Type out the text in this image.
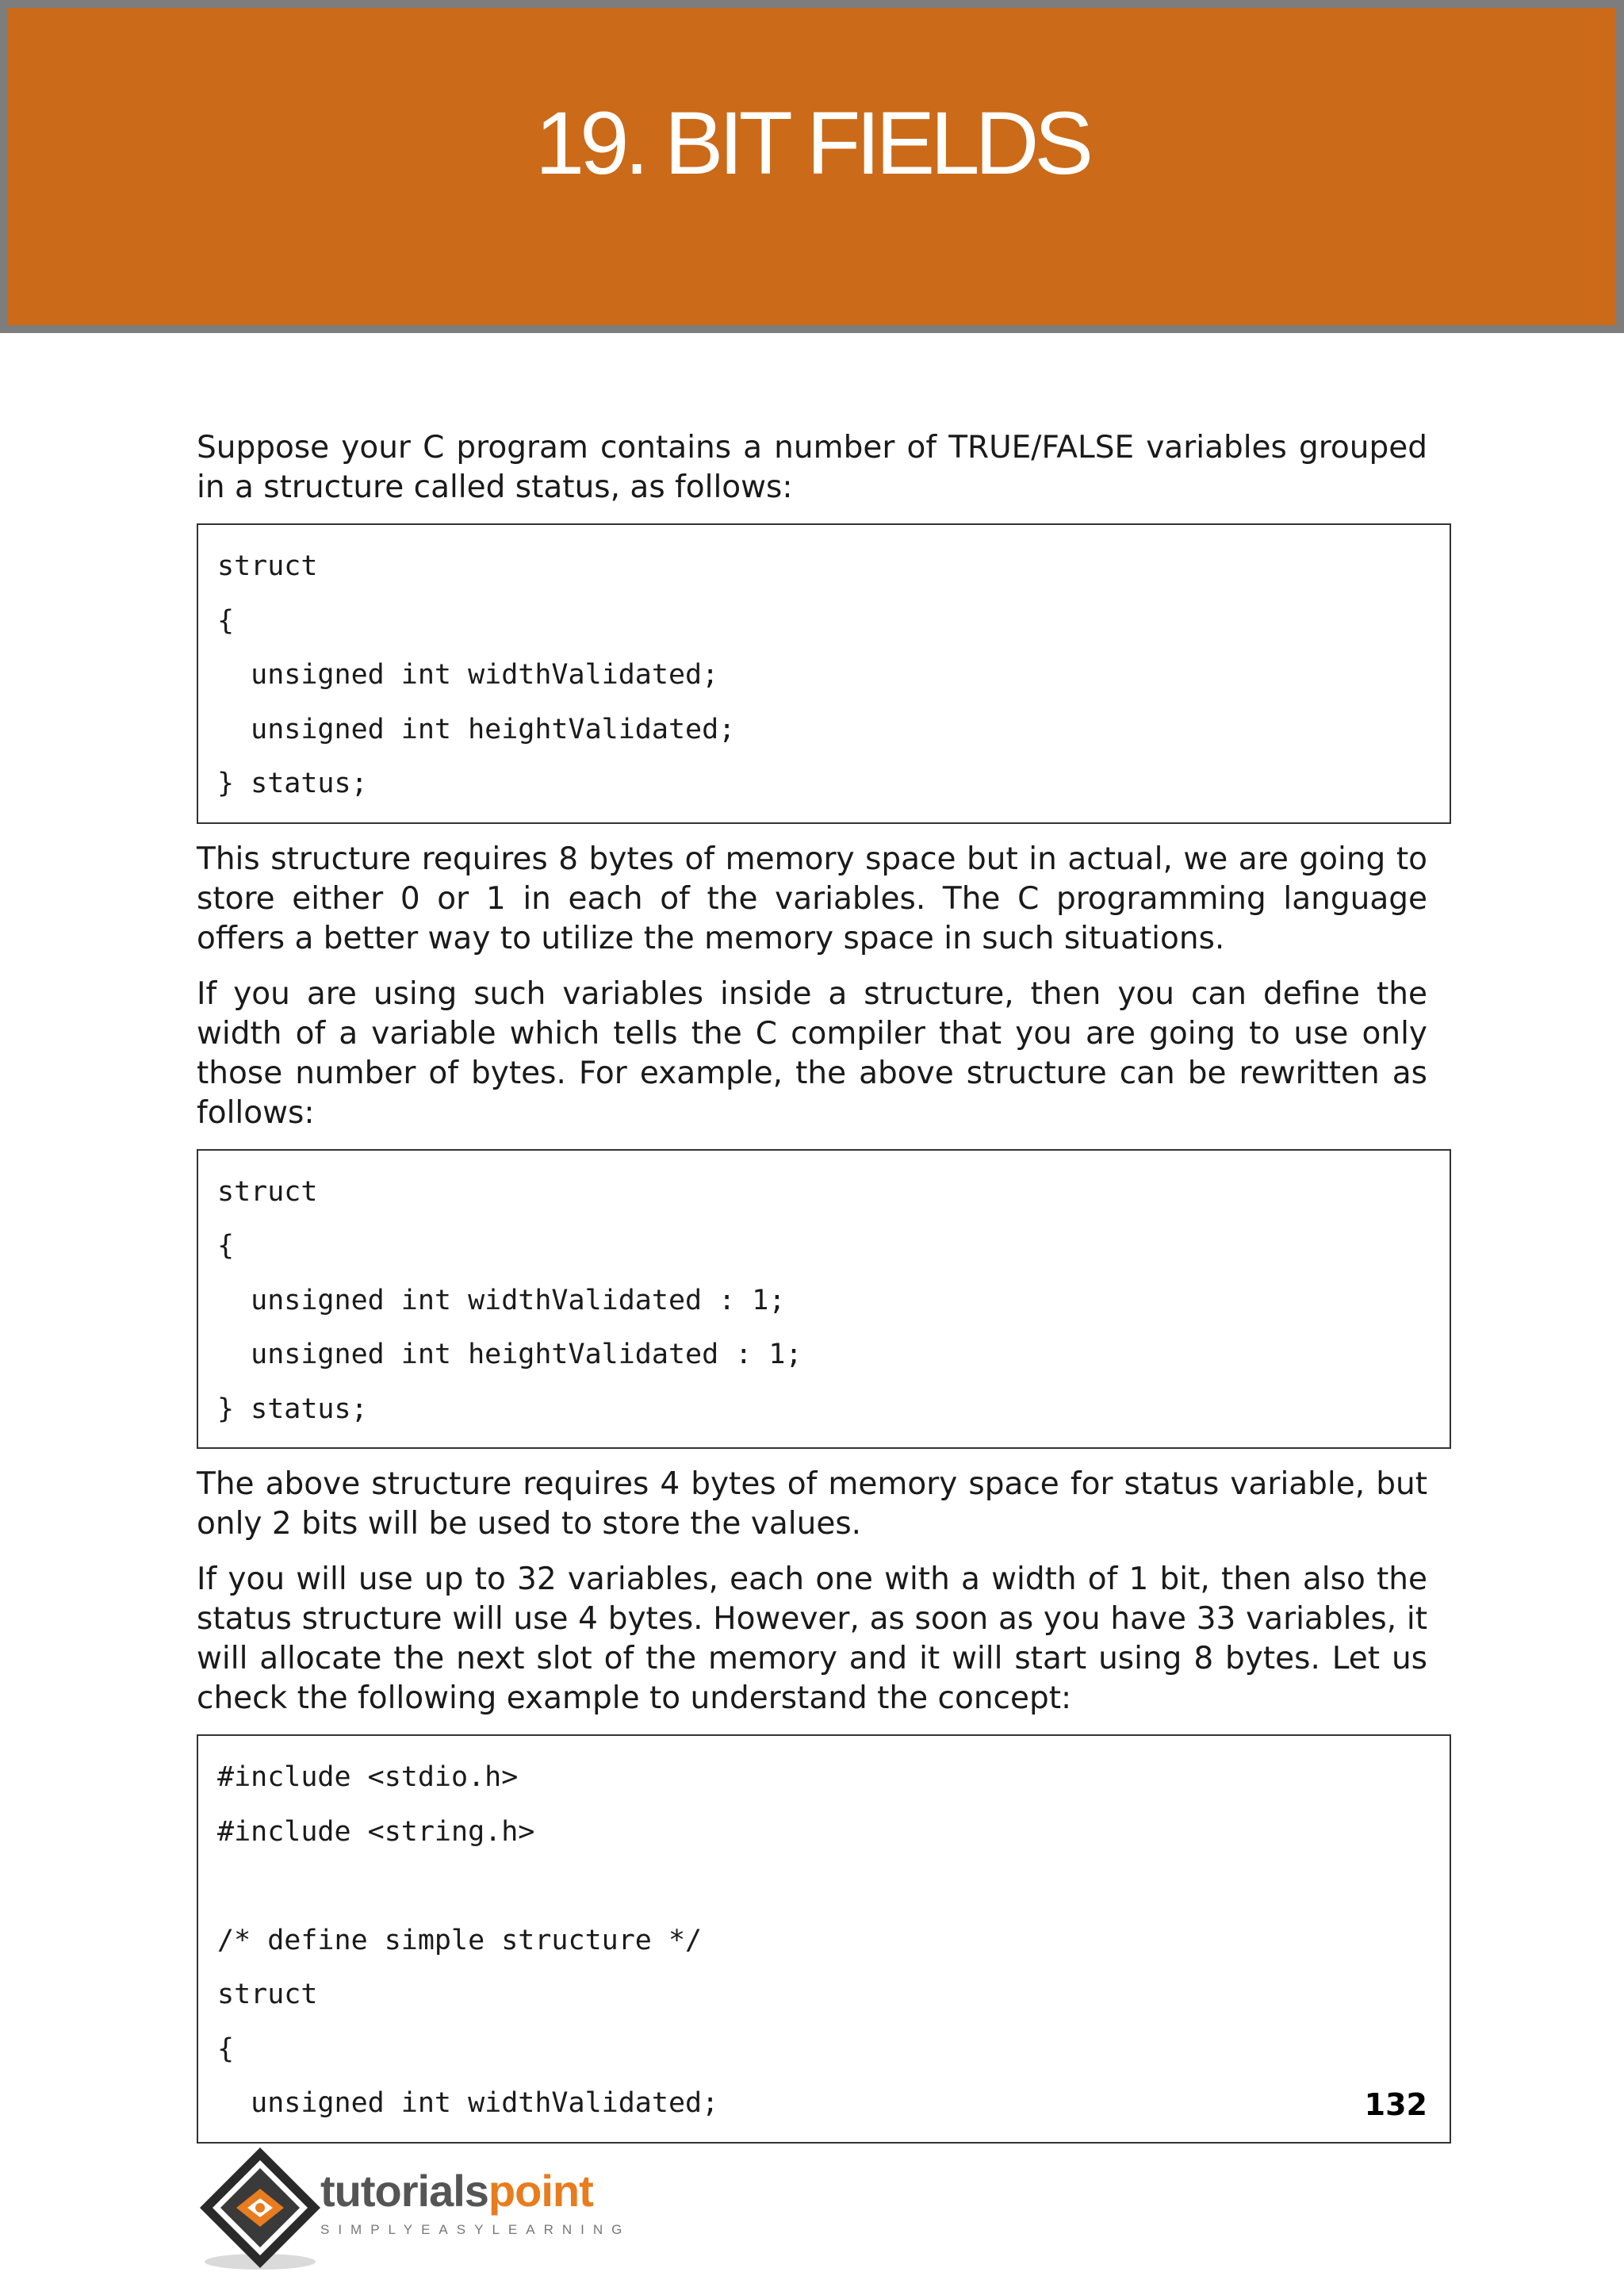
19. BIT FIELDS

Suppose your C program contains a number of TRUE/FALSE variables grouped in a structure called status, as follows:

struct
{
unsigned int widthValidated;
unsigned int heightValidated;
} status;

This structure requires 8 bytes of memory space but in actual, we are going to store either 0 or 1 in each of the variables. The C programming language offers a better way to utilize the memory space in such situations.

If you are using such variables inside a structure, then you can define the width of a variable which tells the C compiler that you are going to use only those number of bytes. For example, the above structure can be rewritten as follows:

struct
{
unsigned int widthValidated : 1;
unsigned int heightValidated : 1;
} status;

The above structure requires 4 bytes of memory space for status variable, but only 2 bits will be used to store the values.

If you will use up to 32 variables, each one with a width of 1 bit, then also the status structure will use 4 bytes. However, as soon as you have 33 variables, it will allocate the next slot of the memory and it will start using 8 bytes. Let us check the following example to understand the concept:

#include <stdio.h>
#include <string.h>
/* define simple structure */
struct
{
unsigned int widthValidated;	132
tutorialspoint
SIMPLYEASYLEARNING
